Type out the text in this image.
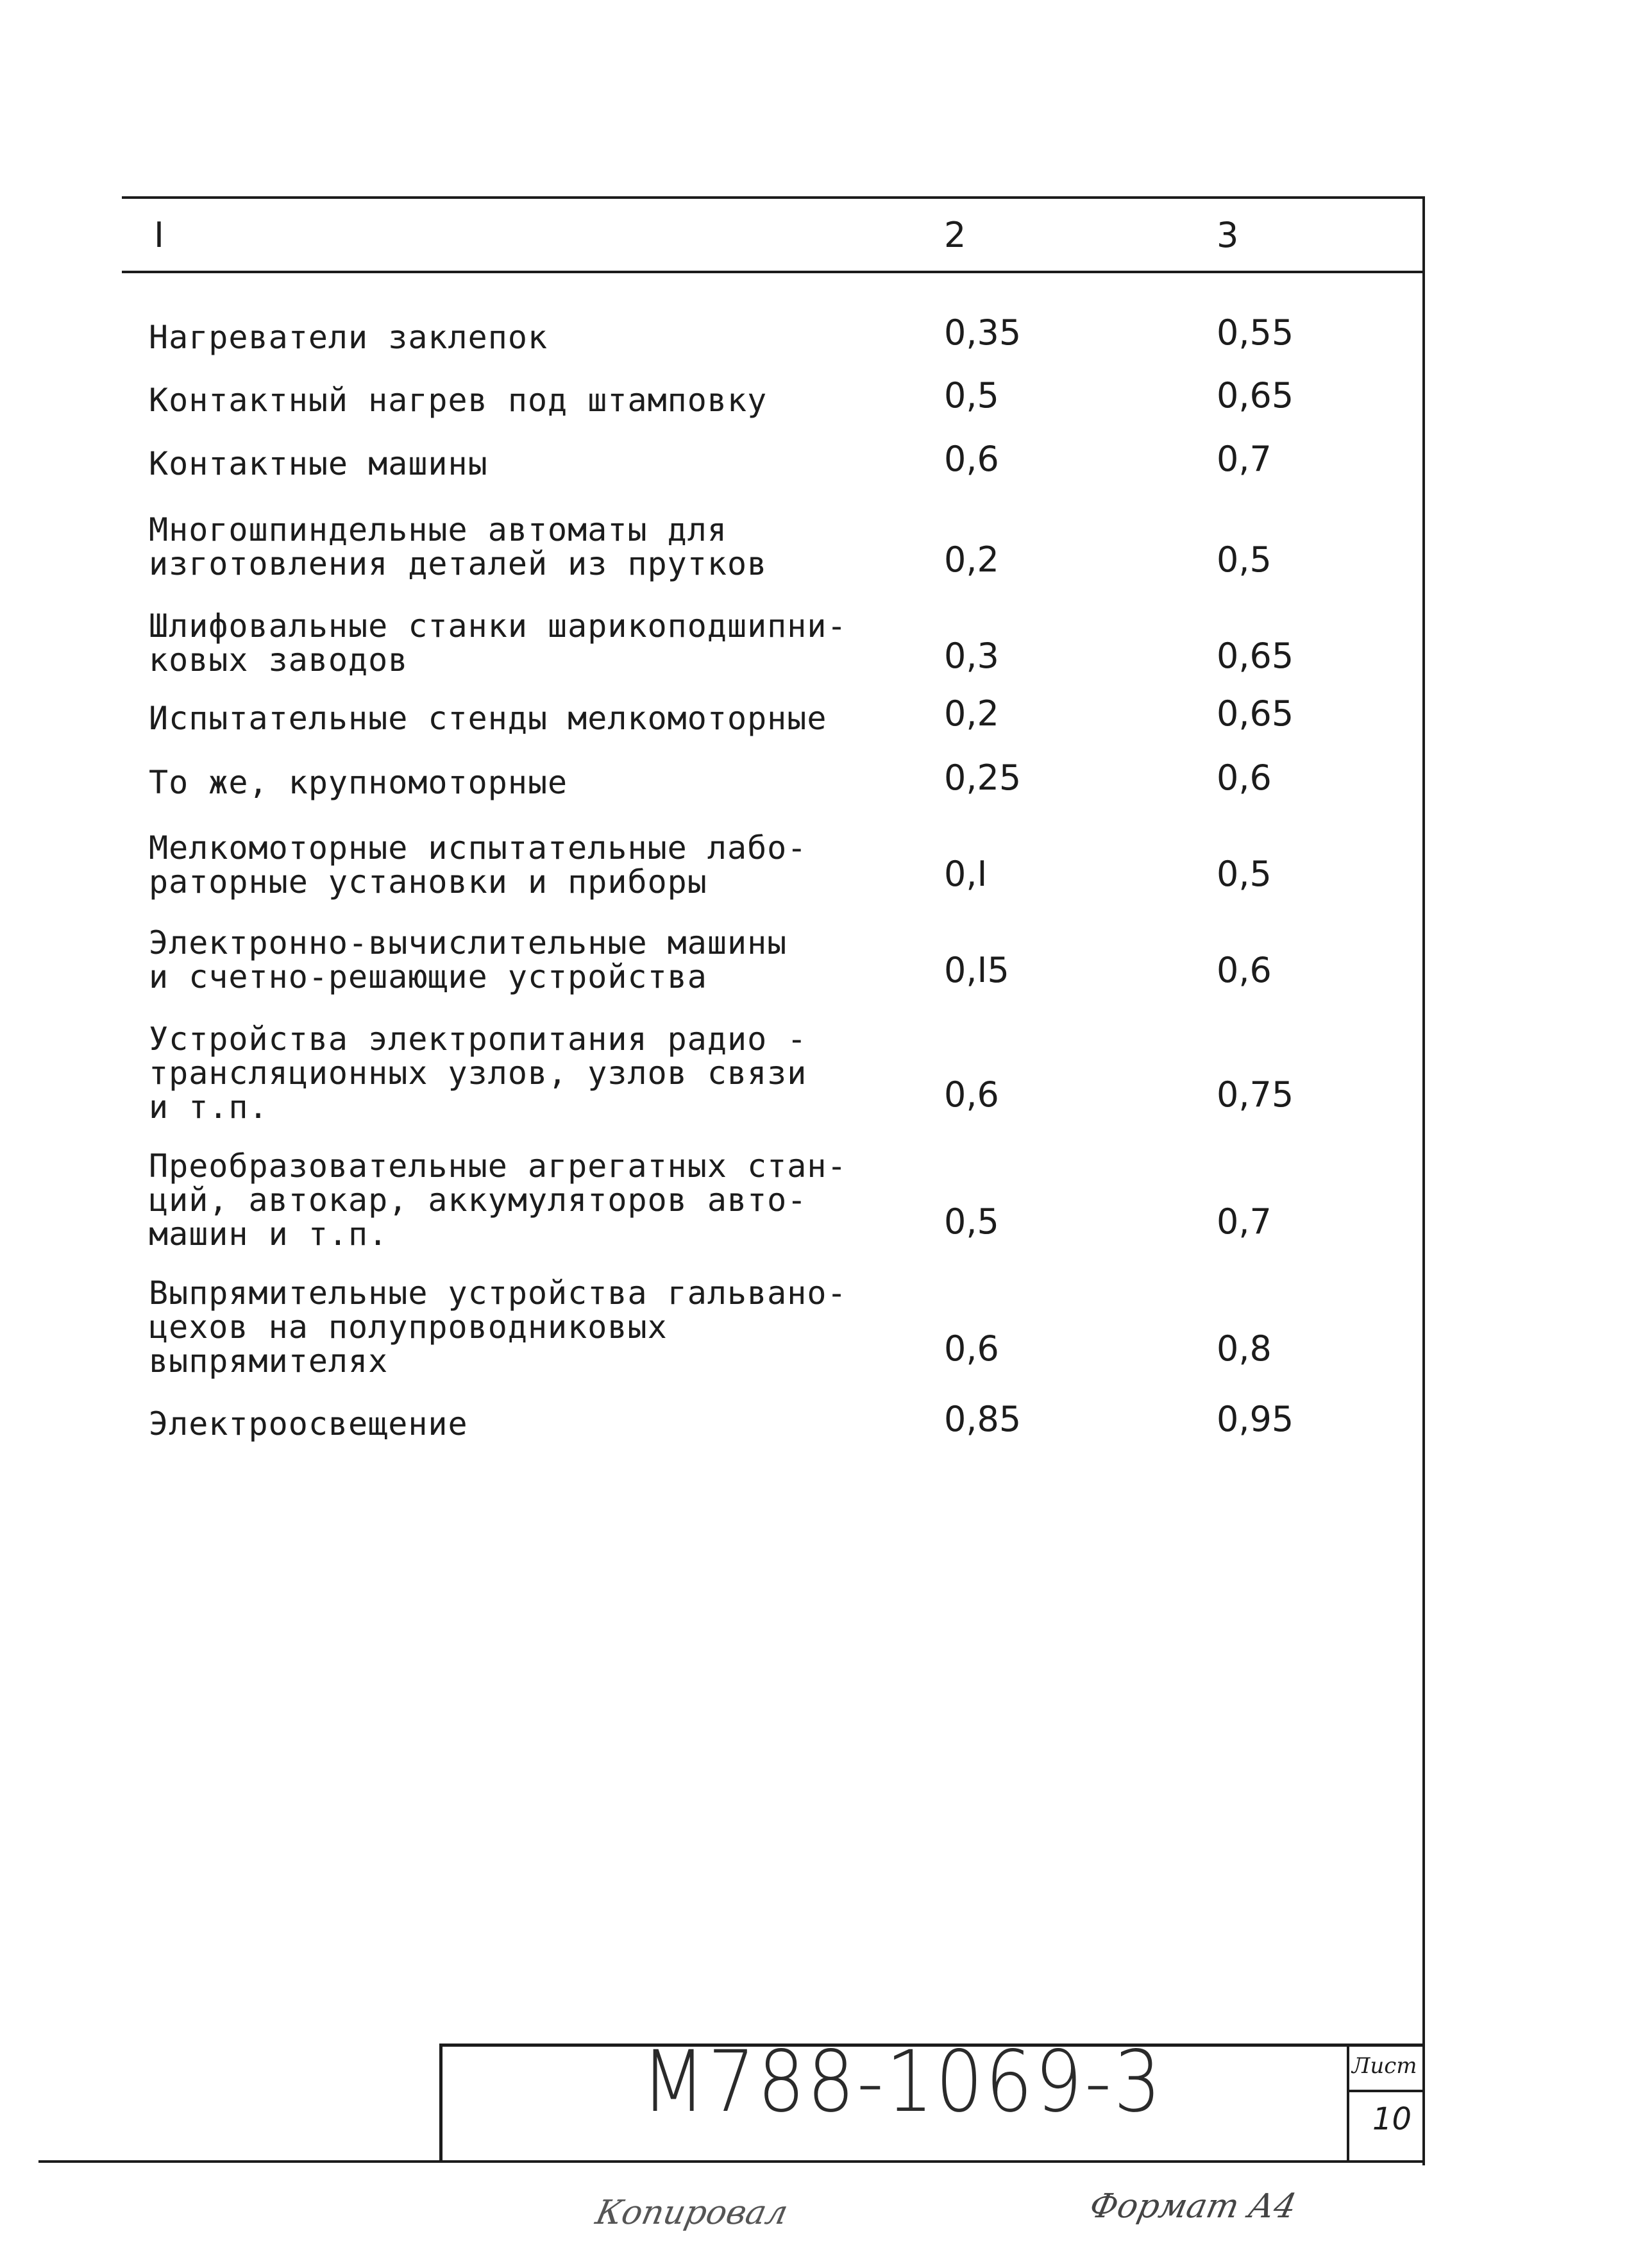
I	2	3
Нагреватели заклепок	0,35	0,55
Контактный нагрев под штамповку	0,5	0,65
Контактные машины	0,6	0,7
Многошпиндельные автоматы для
изготовления деталей из прутков	0,2	0,5
Шлифовальные станки шарикоподшипни-
ковых заводов	0,3	0,65
Испытательные стенды мелкомоторные	0,2	0,65
То же, крупномоторные	0,25	0,6
Мелкомоторные испытательные лабо-
раторные установки и приборы	0,I	0,5
Электронно-вычислительные машины
и счетно-решающие устройства	0,I5	0,6
Устройства электропитания радио -
трансляционных узлов, узлов связи
и т.п.	0,6	0,75
Преобразовательные агрегатных стан-
ций, автокар, аккумуляторов авто-
машин и т.п.	0,5	0,7
Выпрямительные устройства гальвано-
цехов на полупроводниковых
выпрямителях	0,6	0,8
Электроосвещение	0,85	0,95
М788-1069-3	Лист
10
Копировал	Формат А4
